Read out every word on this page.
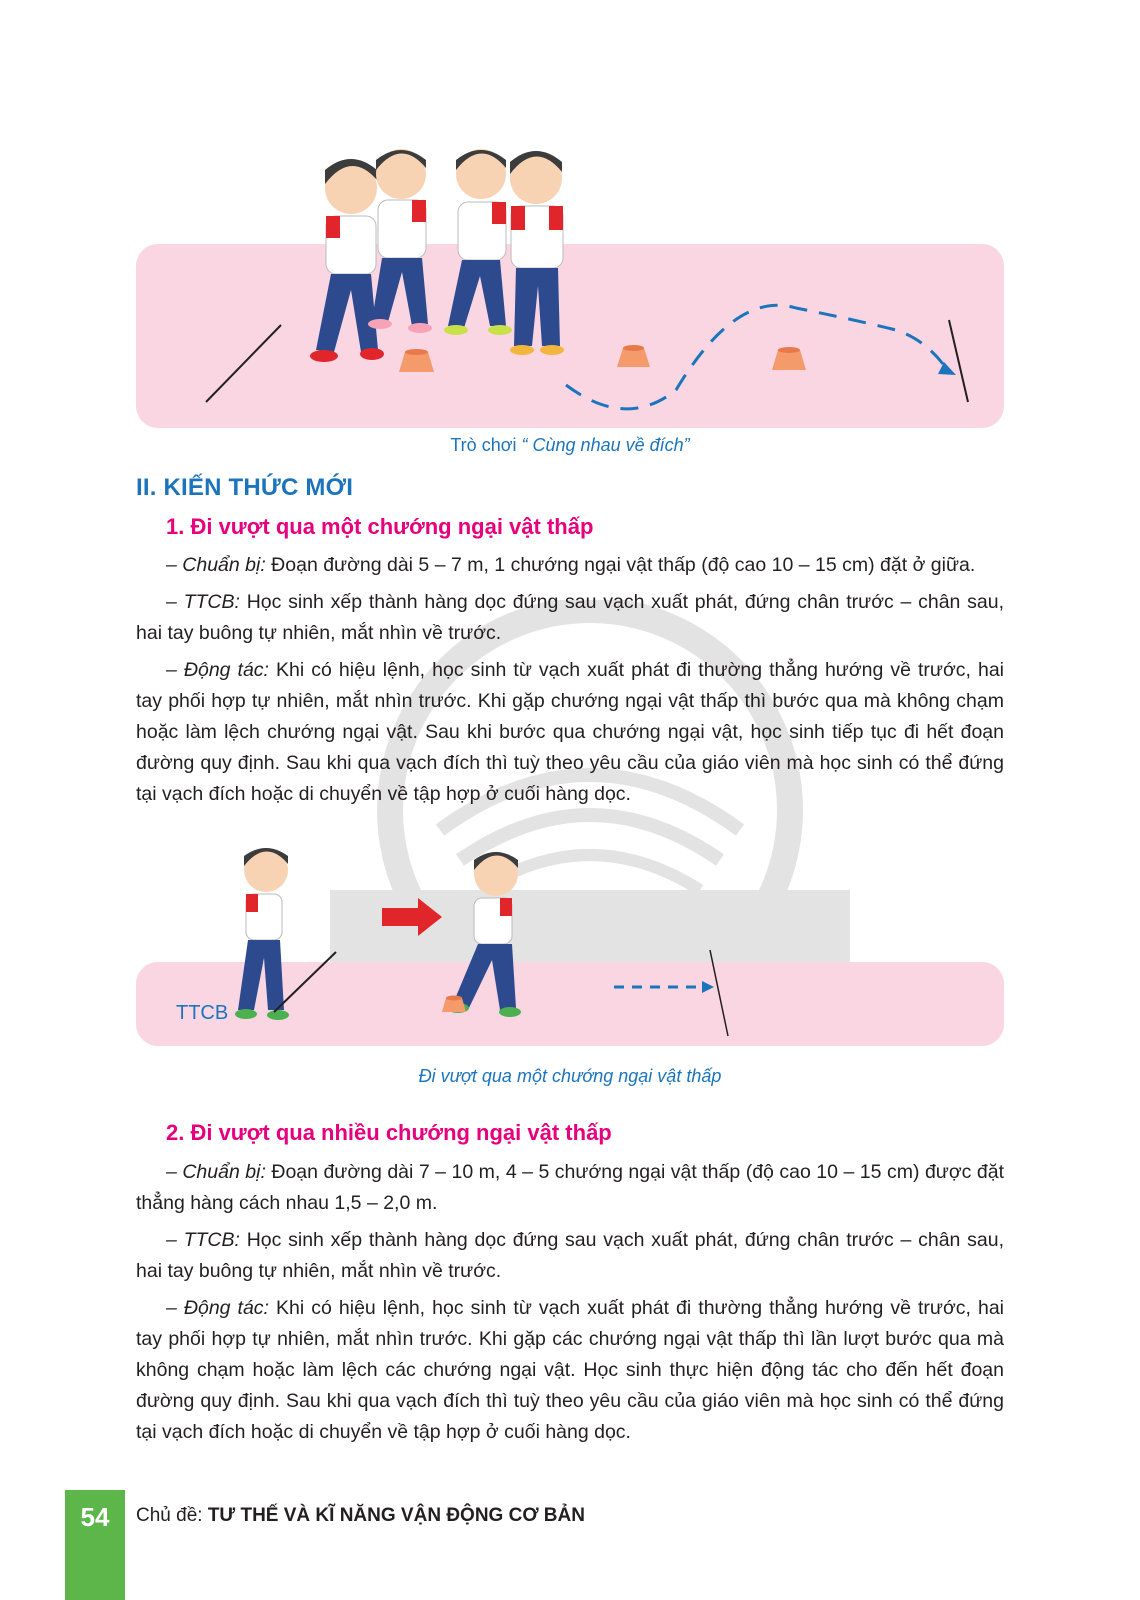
Trò chơi “ Cùng nhau về đích”
II. KIẾN THỨC MỚI
1. Đi vượt qua một chướng ngại vật thấp
– Chuẩn bị: Đoạn đường dài 5 – 7 m, 1 chướng ngại vật thấp (độ cao 10 – 15 cm) đặt ở giữa.
– TTCB: Học sinh xếp thành hàng dọc đứng sau vạch xuất phát, đứng chân trước – chân sau, hai tay buông tự nhiên, mắt nhìn về trước.
– Động tác: Khi có hiệu lệnh, học sinh từ vạch xuất phát đi thường thẳng hướng về trước, hai tay phối hợp tự nhiên, mắt nhìn trước. Khi gặp chướng ngại vật thấp thì bước qua mà không chạm hoặc làm lệch chướng ngại vật. Sau khi bước qua chướng ngại vật, học sinh tiếp tục đi hết đoạn đường quy định. Sau khi qua vạch đích thì tuỳ theo yêu cầu của giáo viên mà học sinh có thể đứng tại vạch đích hoặc di chuyển về tập hợp ở cuối hàng dọc.
TTCB
Đi vượt qua một chướng ngại vật thấp
2. Đi vượt qua nhiều chướng ngại vật thấp
– Chuẩn bị: Đoạn đường dài 7 – 10 m, 4 – 5 chướng ngại vật thấp (độ cao 10 – 15 cm) được đặt thẳng hàng cách nhau 1,5 – 2,0 m.
– TTCB: Học sinh xếp thành hàng dọc đứng sau vạch xuất phát, đứng chân trước – chân sau, hai tay buông tự nhiên, mắt nhìn về trước.
– Động tác: Khi có hiệu lệnh, học sinh từ vạch xuất phát đi thường thẳng hướng về trước, hai tay phối hợp tự nhiên, mắt nhìn trước. Khi gặp các chướng ngại vật thấp thì lần lượt bước qua mà không chạm hoặc làm lệch các chướng ngại vật. Học sinh thực hiện động tác cho đến hết đoạn đường quy định. Sau khi qua vạch đích thì tuỳ theo yêu cầu của giáo viên mà học sinh có thể đứng tại vạch đích hoặc di chuyển về tập hợp ở cuối hàng dọc.
54	Chủ đề: TƯ THẾ VÀ KĨ NĂNG VẬN ĐỘNG CƠ BẢN
